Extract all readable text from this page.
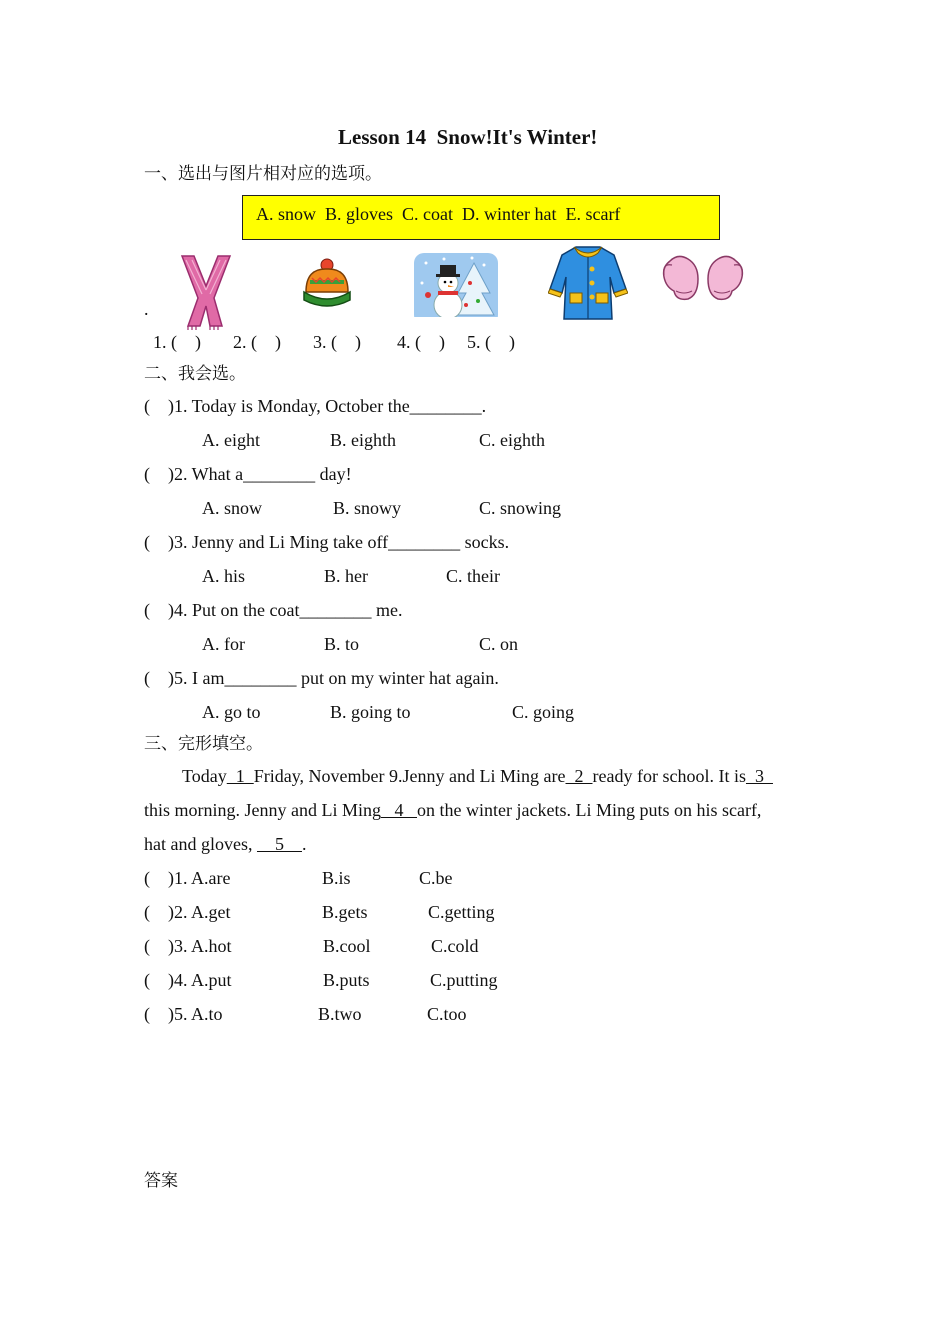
Lesson 14  Snow!It's Winter!
一、选出与图片相对应的选项。
A. snow  B. gloves  C. coat  D. winter hat  E. scarf
.
1. (    ) 2. (    ) 3. (    ) 4. (    ) 5. (    )
二、我会选。
(    )1. Today is Monday, October the________.
A. eight	B. eighth	C. eighth
(    )2. What a________ day!
A. snow	B. snowy	C. snowing
(    )3. Jenny and Li Ming take off________ socks.
A. his	B. her	C. their
(    )4. Put on the coat________ me.
A. for	B. to	C. on
(    )5. I am________ put on my winter hat again.
A. go to	B. going to	C. going
三、完形填空。
Today  1  Friday, November 9.Jenny and Li Ming are  2  ready for school. It is  3
this morning. Jenny and Li Ming   4   on the winter jackets. Li Ming puts on his scarf,
hat and gloves,     5    .
(    )1. A.are	B.is	C.be
(    )2. A.get	B.gets	C.getting
(    )3. A.hot	B.cool	C.cold
(    )4. A.put	B.puts	C.putting
(    )5. A.to	B.two	C.too
答案
